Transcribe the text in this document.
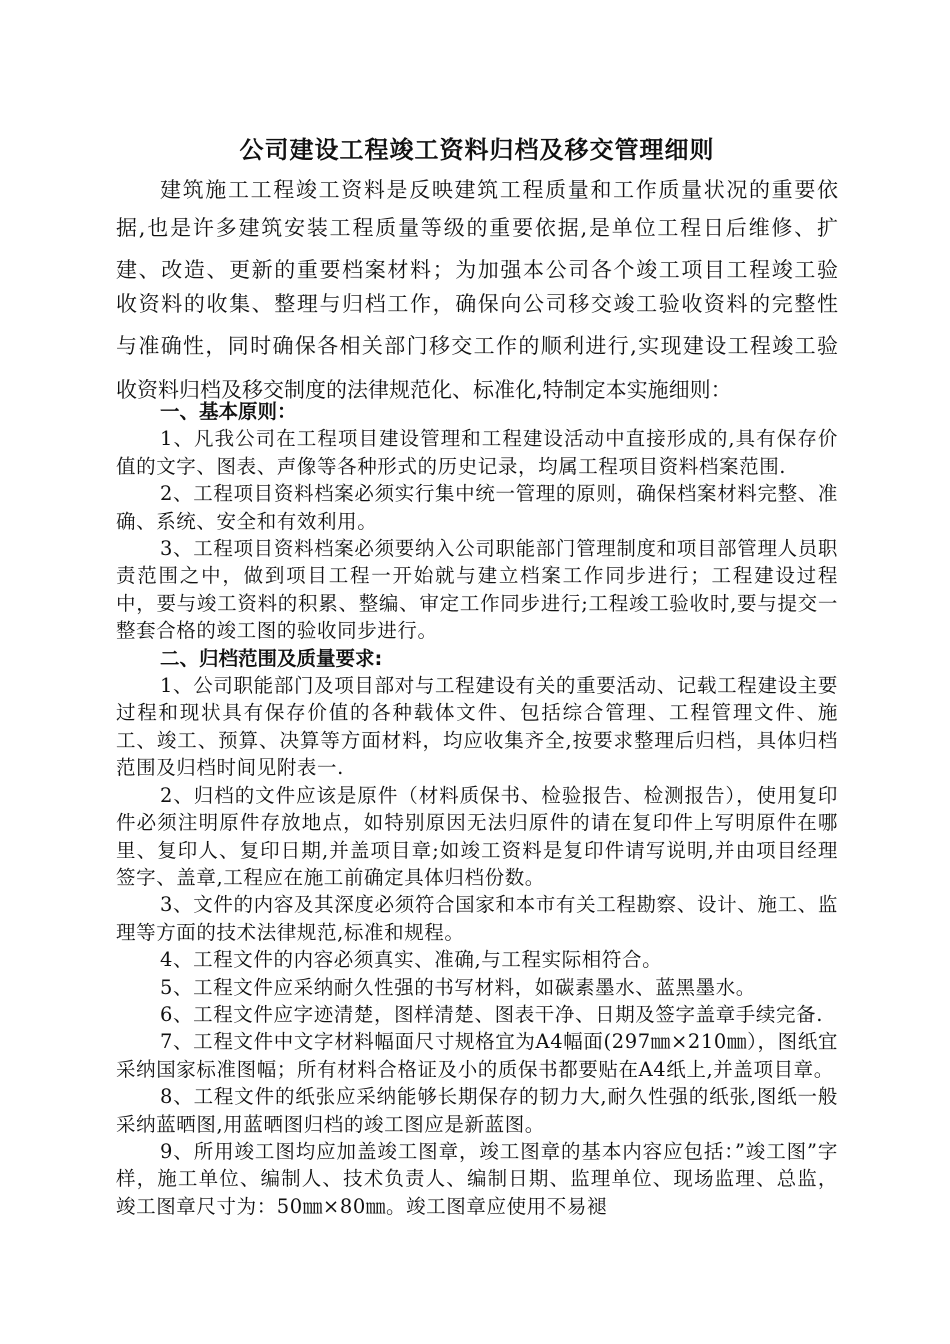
公司建设工程竣工资料归档及移交管理细则
建筑施工工程竣工资料是反映建筑工程质量和工作质量状况的重要依
据,也是许多建筑安装工程质量等级的重要依据,是单位工程日后维修、扩
建、改造、更新的重要档案材料；为加强本公司各个竣工项目工程竣工验
收资料的收集、整理与归档工作，确保向公司移交竣工验收资料的完整性
与准确性，同时确保各相关部门移交工作的顺利进行,实现建设工程竣工验
收资料归档及移交制度的法律规范化、标准化,特制定本实施细则：
一、基本原则：

1、凡我公司在工程项目建设管理和工程建设活动中直接形成的,具有保存价值的文字、图表、声像等各种形式的历史记录，均属工程项目资料档案范围.

2、工程项目资料档案必须实行集中统一管理的原则，确保档案材料完整、准确、系统、安全和有效利用。

3、工程项目资料档案必须要纳入公司职能部门管理制度和项目部管理人员职责范围之中，做到项目工程一开始就与建立档案工作同步进行；工程建设过程中，要与竣工资料的积累、整编、审定工作同步进行;工程竣工验收时,要与提交一整套合格的竣工图的验收同步进行。

二、归档范围及质量要求:

1、公司职能部门及项目部对与工程建设有关的重要活动、记载工程建设主要过程和现状具有保存价值的各种载体文件、包括综合管理、工程管理文件、施工、竣工、预算、决算等方面材料，均应收集齐全,按要求整理后归档，具体归档范围及归档时间见附表一.

2、归档的文件应该是原件（材料质保书、检验报告、检测报告），使用复印件必须注明原件存放地点，如特别原因无法归原件的请在复印件上写明原件在哪里、复印人、复印日期,并盖项目章;如竣工资料是复印件请写说明,并由项目经理签字、盖章,工程应在施工前确定具体归档份数。

3、文件的内容及其深度必须符合国家和本市有关工程勘察、设计、施工、监理等方面的技术法律规范,标准和规程。

4、工程文件的内容必须真实、准确,与工程实际相符合。

5、工程文件应采纳耐久性强的书写材料，如碳素墨水、蓝黑墨水。

6、工程文件应字迹清楚，图样清楚、图表干净、日期及签字盖章手续完备.

7、工程文件中文字材料幅面尺寸规格宜为A4幅面(297㎜×210㎜），图纸宜采纳国家标准图幅；所有材料合格证及小的质保书都要贴在A4纸上,并盖项目章。

8、工程文件的纸张应采纳能够长期保存的韧力大,耐久性强的纸张,图纸一般采纳蓝晒图,用蓝晒图归档的竣工图应是新蓝图。

9、所用竣工图均应加盖竣工图章，竣工图章的基本内容应包括：”竣工图”字样，施工单位、编制人、技术负责人、编制日期、监理单位、现场监理、总监，竣工图章尺寸为：50㎜×80㎜。竣工图章应使用不易褪
